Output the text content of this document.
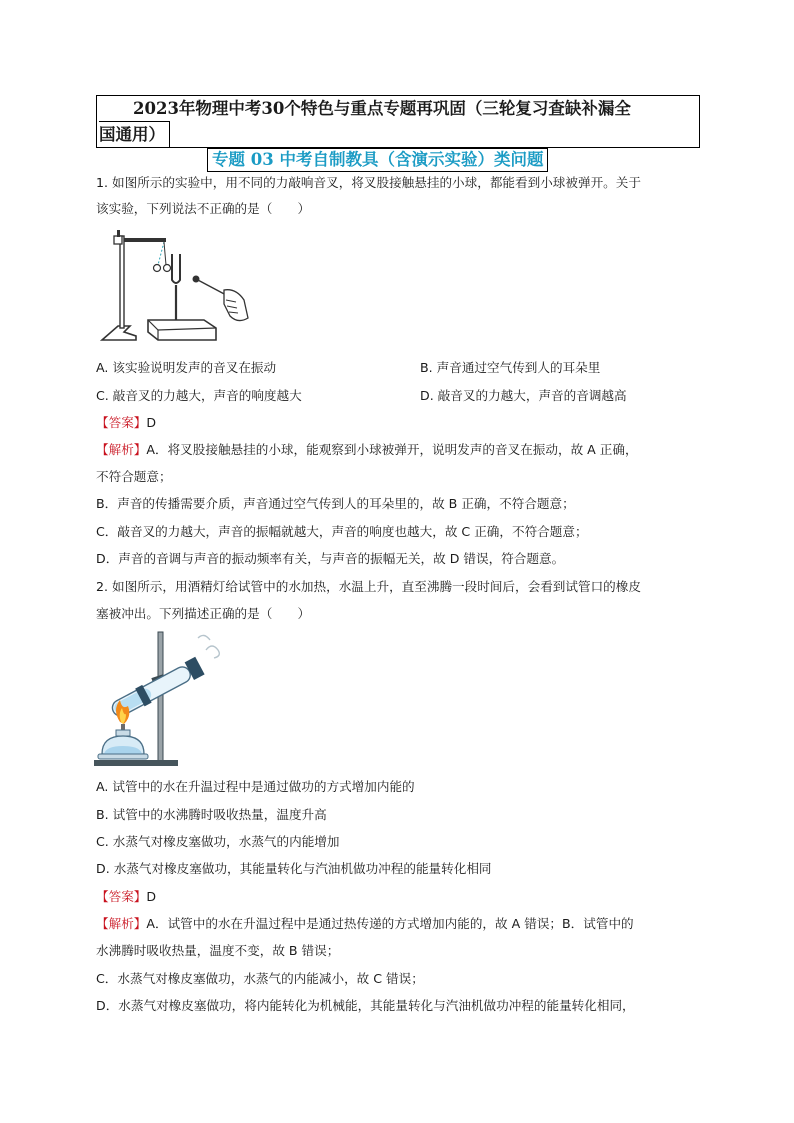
2023年物理中考30个特色与重点专题再巩固（三轮复习查缺补漏全
国通用）
专题 03 中考自制教具（含演示实验）类问题
1. 如图所示的实验中，用不同的力敲响音叉，将叉股接触悬挂的小球，都能看到小球被弹开。关于
该实验，下列说法不正确的是（　　）
A. 该实验说明发声的音叉在振动	B. 声音通过空气传到人的耳朵里
C. 敲音叉的力越大，声音的响度越大	D. 敲音叉的力越大，声音的音调越高
【答案】D
【解析】A．将叉股接触悬挂的小球，能观察到小球被弹开，说明发声的音叉在振动，故 A 正确，
不符合题意；
B．声音的传播需要介质，声音通过空气传到人的耳朵里的，故 B 正确，不符合题意；
C．敲音叉的力越大，声音的振幅就越大，声音的响度也越大，故 C 正确，不符合题意；
D．声音的音调与声音的振动频率有关，与声音的振幅无关，故 D 错误，符合题意。
2. 如图所示，用酒精灯给试管中的水加热，水温上升，直至沸腾一段时间后，会看到试管口的橡皮
塞被冲出。下列描述正确的是（　　）
A. 试管中的水在升温过程中是通过做功的方式增加内能的
B. 试管中的水沸腾时吸收热量，温度升高
C. 水蒸气对橡皮塞做功，水蒸气的内能增加
D. 水蒸气对橡皮塞做功，其能量转化与汽油机做功冲程的能量转化相同
【答案】D
【解析】A．试管中的水在升温过程中是通过热传递的方式增加内能的，故 A 错误；B．试管中的
水沸腾时吸收热量，温度不变，故 B 错误；
C．水蒸气对橡皮塞做功，水蒸气的内能减小，故 C 错误；
D．水蒸气对橡皮塞做功，将内能转化为机械能，其能量转化与汽油机做功冲程的能量转化相同，
